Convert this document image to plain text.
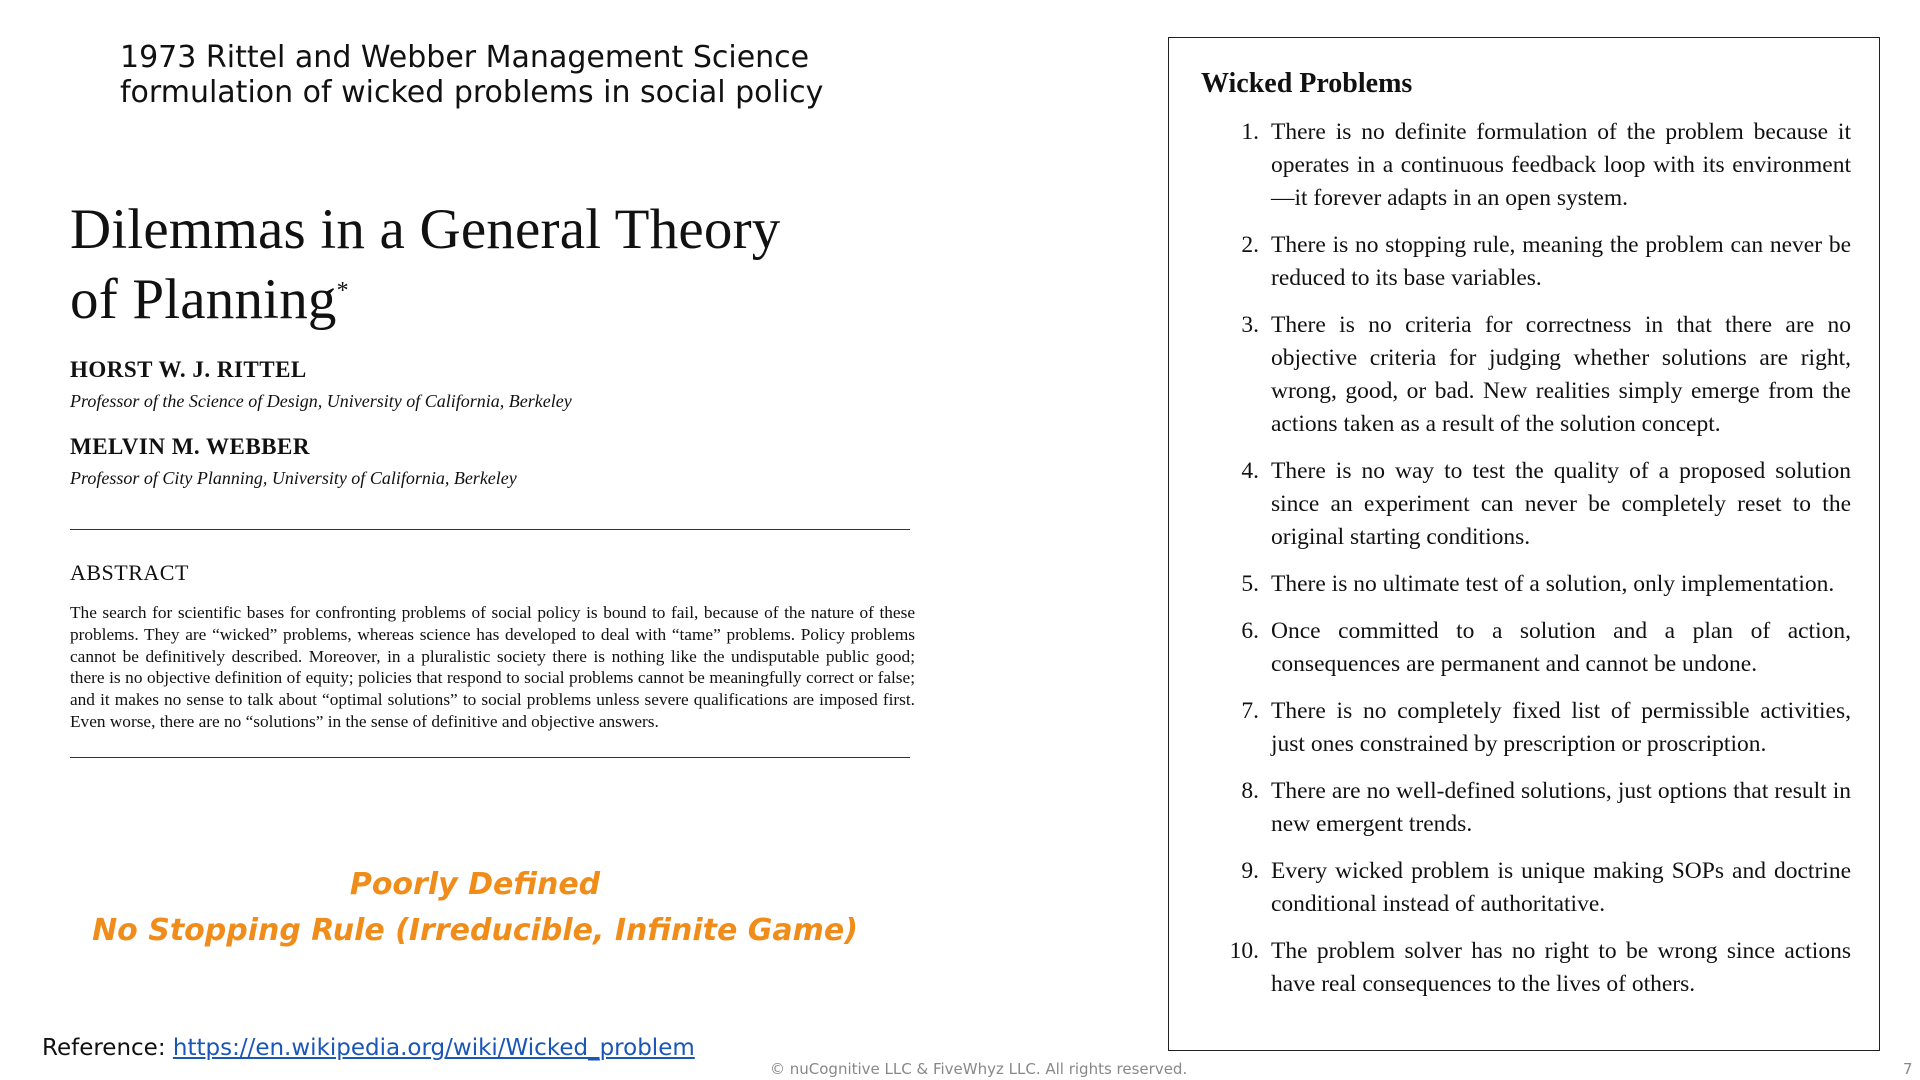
1973 Rittel and Webber Management Science
formulation of wicked problems in social policy
Dilemmas in a General Theory
of Planning*
HORST W. J. RITTEL
Professor of the Science of Design, University of California, Berkeley
MELVIN M. WEBBER
Professor of City Planning, University of California, Berkeley
ABSTRACT
The search for scientific bases for confronting problems of social policy is bound to fail, because of the nature of these problems. They are “wicked” problems, whereas science has developed to deal with “tame” problems. Policy problems cannot be definitively described. Moreover, in a pluralistic society there is nothing like the undisputable public good; there is no objective definition of equity; policies that respond to social problems cannot be meaningfully correct or false; and it makes no sense to talk about “optimal solutions” to social problems unless severe qualifications are imposed first. Even worse, there are no “solutions” in the sense of definitive and objective answers.
Poorly Defined
No Stopping Rule (Irreducible, Infinite Game)
Reference: https://en.wikipedia.org/wiki/Wicked_problem
© nuCognitive LLC & FiveWhyz LLC. All rights reserved.	7
Wicked Problems
1. There is no definite formulation of the problem because it operates in a continuous feedback loop with its environment—it forever adapts in an open system.
2. There is no stopping rule, meaning the problem can never be reduced to its base variables.
3. There is no criteria for correctness in that there are no objective criteria for judging whether solutions are right, wrong, good, or bad. New realities simply emerge from the actions taken as a result of the solution concept.
4. There is no way to test the quality of a proposed solution since an experiment can never be completely reset to the original starting conditions.
5. There is no ultimate test of a solution, only implementation.
6. Once committed to a solution and a plan of action, consequences are permanent and cannot be undone.
7. There is no completely fixed list of permissible activities, just ones constrained by prescription or proscription.
8. There are no well-defined solutions, just options that result in new emergent trends.
9. Every wicked problem is unique making SOPs and doctrine conditional instead of authoritative.
10. The problem solver has no right to be wrong since actions have real consequences to the lives of others.
